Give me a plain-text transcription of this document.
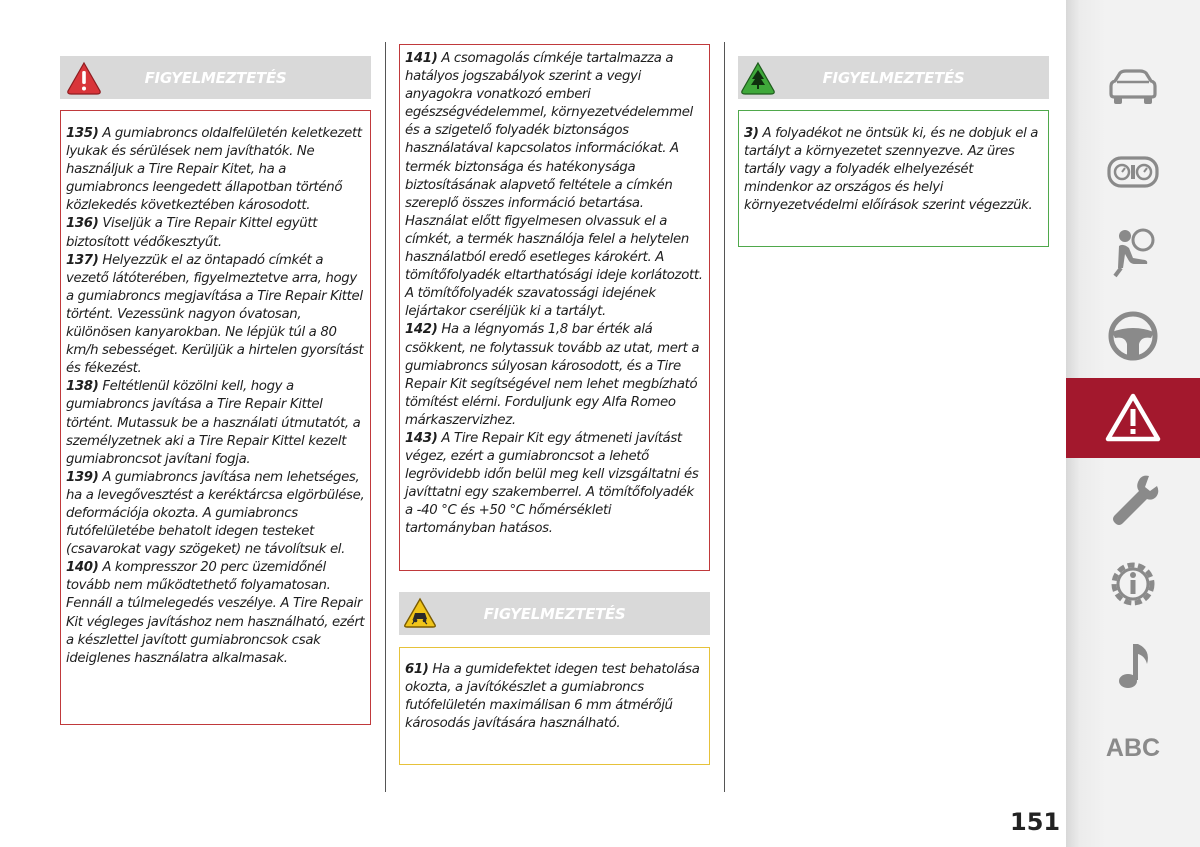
FIGYELMEZTETÉS

135) A gumiabroncs oldalfelületén keletkezett lyukak és sérülések nem javíthatók. Ne használjuk a Tire Repair Kitet, ha a gumiabroncs leengedett állapotban történő közlekedés következtében károsodott.

136) Viseljük a Tire Repair Kittel együtt biztosított védőkesztyűt.

137) Helyezzük el az öntapadó címkét a vezető látóterében, figyelmeztetve arra, hogy a gumiabroncs megjavítása a Tire Repair Kittel történt. Vezessünk nagyon óvatosan, különösen kanyarokban. Ne lépjük túl a 80 km/h sebességet. Kerüljük a hirtelen gyorsítást és fékezést.

138) Feltétlenül közölni kell, hogy a gumiabroncs javítása a Tire Repair Kittel történt. Mutassuk be a használati útmutatót, a személyzetnek aki a Tire Repair Kittel kezelt gumiabroncsot javítani fogja.

139) A gumiabroncs javítása nem lehetséges, ha a levegővesztést a keréktárcsa elgörbülése, deformációja okozta. A gumiabroncs futófelületébe behatolt idegen testeket (csavarokat vagy szögeket) ne távolítsuk el.

140) A kompresszor 20 perc üzemidőnél tovább nem működtethető folyamatosan. Fennáll a túlmelegedés veszélye. A Tire Repair Kit végleges javításhoz nem használható, ezért a készlettel javított gumiabroncsok csak ideiglenes használatra alkalmasak.

141) A csomagolás címkéje tartalmazza a hatályos jogszabályok szerint a vegyi anyagokra vonatkozó emberi egészségvédelemmel, környezetvédelemmel és a szigetelő folyadék biztonságos használatával kapcsolatos információkat. A termék biztonsága és hatékonysága biztosításának alapvető feltétele a címkén szereplő összes információ betartása. Használat előtt figyelmesen olvassuk el a címkét, a termék használója felel a helytelen használatból eredő esetleges károkért. A tömítőfolyadék eltarthatósági ideje korlátozott. A tömítőfolyadék szavatossági idejének lejártakor cseréljük ki a tartályt.

142) Ha a légnyomás 1,8 bar érték alá csökkent, ne folytassuk tovább az utat, mert a gumiabroncs súlyosan károsodott, és a Tire Repair Kit segítségével nem lehet megbízható tömítést elérni. Forduljunk egy Alfa Romeo márkaszervizhez.

143) A Tire Repair Kit egy átmeneti javítást végez, ezért a gumiabroncsot a lehető legrövidebb időn belül meg kell vizsgáltatni és javíttatni egy szakemberrel. A tömítőfolyadék a -40 °C és +50 °C hőmérsékleti tartományban hatásos.

FIGYELMEZTETÉS

61) Ha a gumidefektet idegen test behatolása okozta, a javítókészlet a gumiabroncs futófelületén maximálisan 6 mm átmérőjű károsodás javítására használható.

FIGYELMEZTETÉS

3) A folyadékot ne öntsük ki, és ne dobjuk el a tartályt a környezetet szennyezve. Az üres tartály vagy a folyadék elhelyezését mindenkor az országos és helyi környezetvédelmi előírások szerint végezzük.

ABC
151
